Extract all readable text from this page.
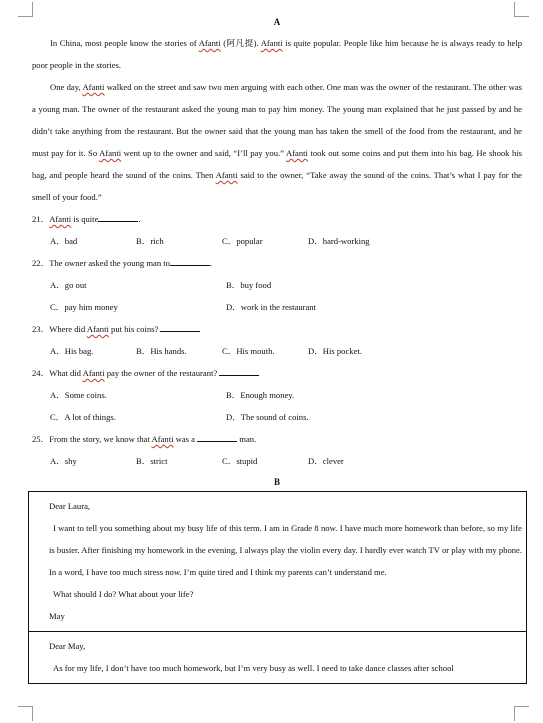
A

In China, most people know the stories of Afanti (阿凡提). Afanti is quite popular. People like him because he is always ready to help poor people in the stories.

One day, Afanti walked on the street and saw two men arguing with each other. One man was the owner of the restaurant. The other was a young man. The owner of the restaurant asked the young man to pay him money. The young man explained that he just passed by and he didn’t take anything from the restaurant. But the owner said that the young man has taken the smell of the food from the restaurant, and he must pay for it. So Afanti went up to the owner and said, “I’ll pay you.” Afanti took out some coins and put them into his bag. He shook his bag, and people heard the sound of the coins. Then Afanti said to the owner, “Take away the sound of the coins. That’s what I pay for the smell of your food.”

21．Afanti is quite	.

A．bad	B．rich	C．popular	D．hard-working

22．The owner asked the young man to	.

A．go out	B．buy food
C．pay him money	D．work in the restaurant

23．Where did Afanti put his coins?

A．His bag.	B．His hands.	C．His mouth.	D．His pocket.

24．What did Afanti pay the owner of the restaurant?

A．Some coins.	B．Enough money.
C．A lot of things.	D．The sound of coins.

25．From the story, we know that Afanti was a	man.

A．shy	B．strict	C．stupid	D．clever
B

Dear Laura,

I want to tell you something about my busy life of this term. I am in Grade 8 now. I have much more homework than before, so my life is busier. After finishing my homework in the evening, I always play the violin every day. I hardly ever watch TV or play with my phone. In a word, I have too much stress now. I’m quite tired and I think my parents can’t understand me.

What should I do? What about your life?

May

Dear May,

As for my life, I don’t have too much homework, but I’m very busy as well. I need to take dance classes after school
